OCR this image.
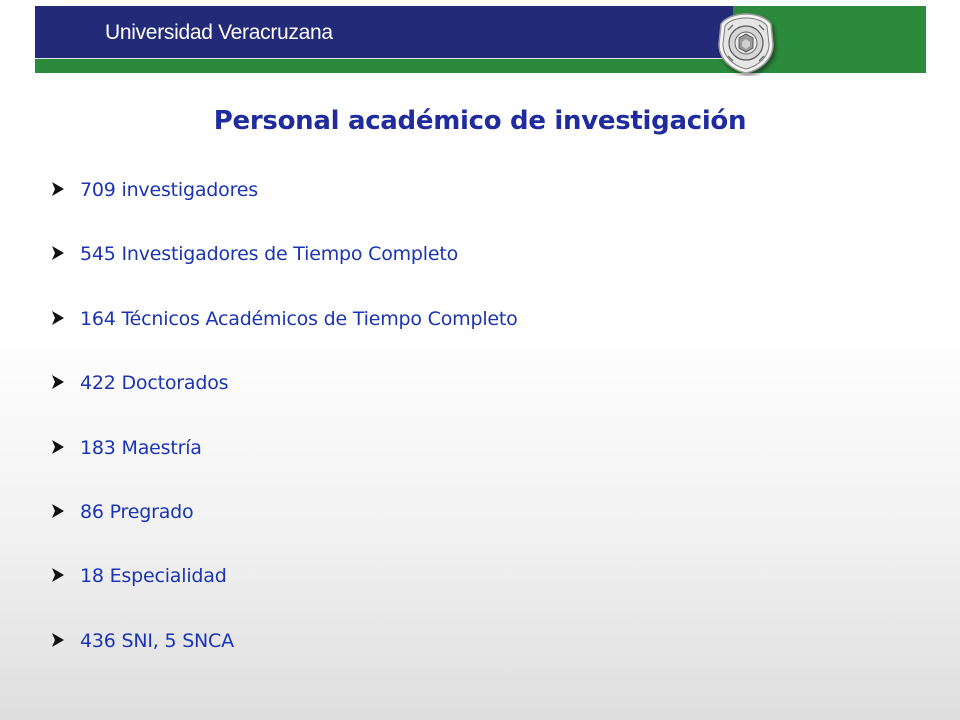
Universidad Veracruzana
Personal académico de investigación
709 investigadores
545 Investigadores de Tiempo Completo
164 Técnicos Académicos de Tiempo Completo
422 Doctorados
183 Maestría
86 Pregrado
18 Especialidad
436 SNI, 5 SNCA
